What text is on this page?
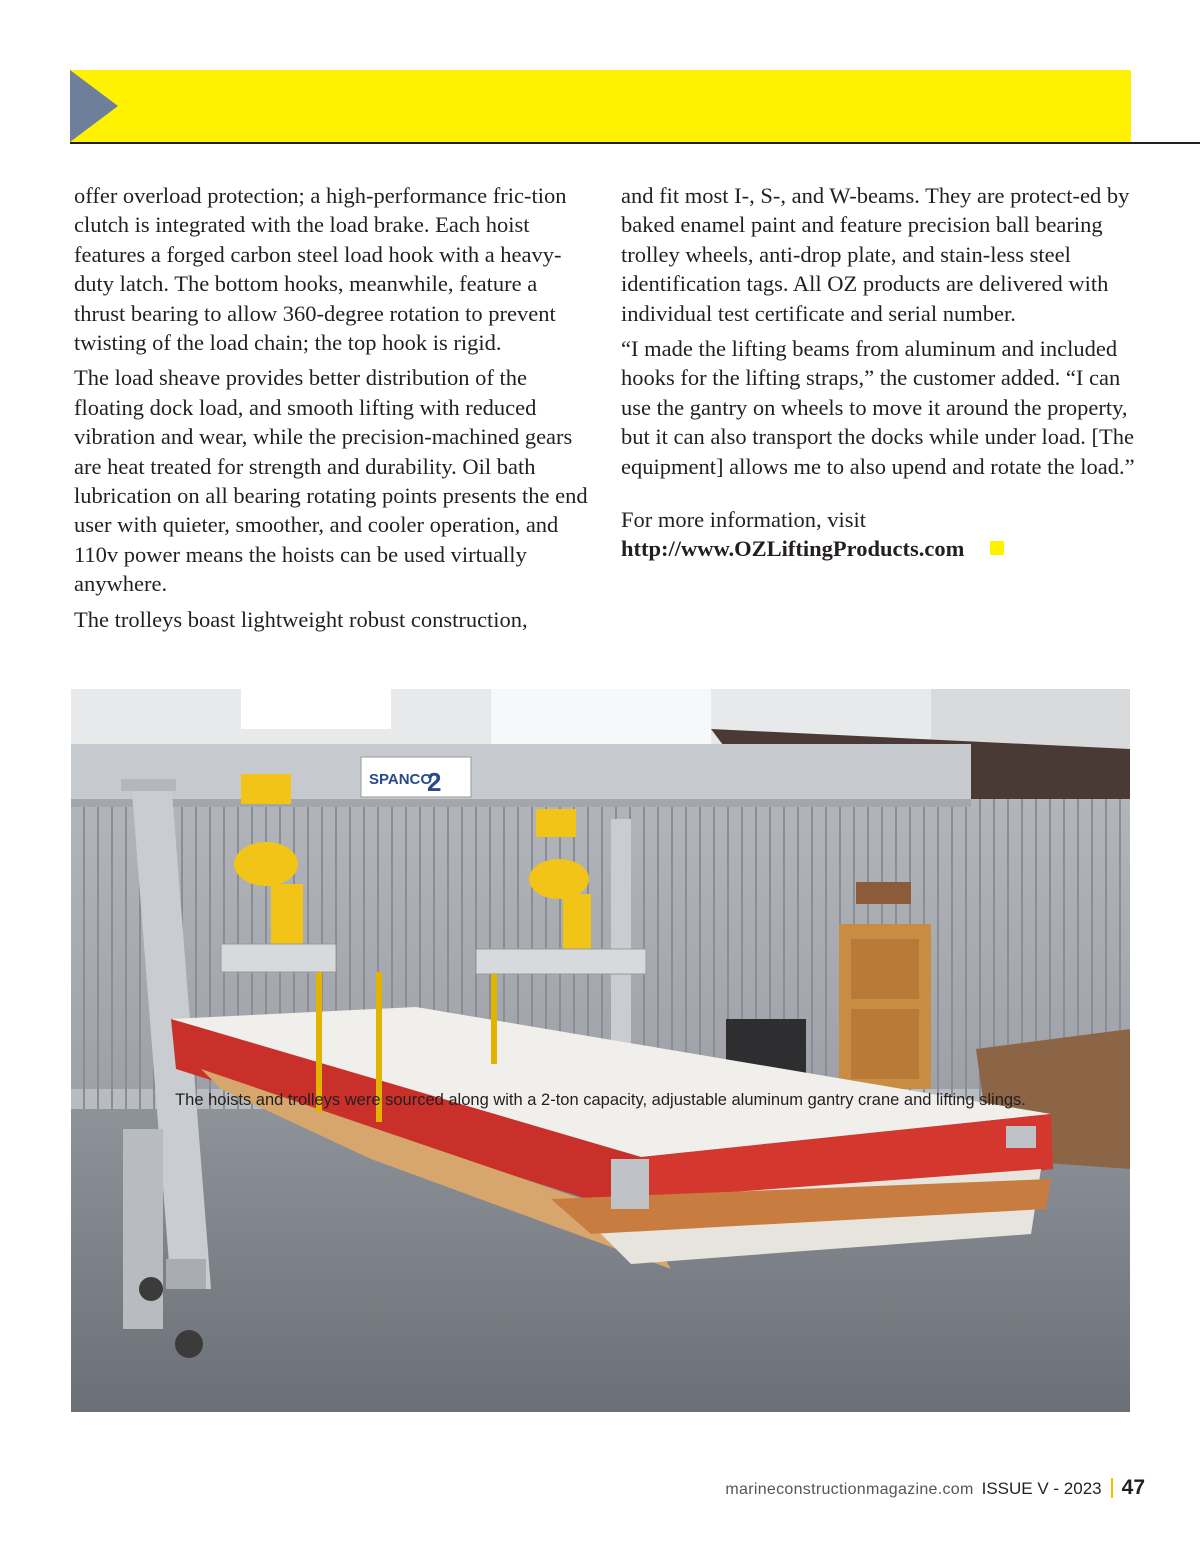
offer overload protection; a high-performance fric-tion clutch is integrated with the load brake. Each hoist features a forged carbon steel load hook with a heavy-duty latch. The bottom hooks, meanwhile, feature a thrust bearing to allow 360-degree rotation to prevent twisting of the load chain; the top hook is rigid.

The load sheave provides better distribution of the floating dock load, and smooth lifting with reduced vibration and wear, while the precision-machined gears are heat treated for strength and durability. Oil bath lubrication on all bearing rotating points presents the end user with quieter, smoother, and cooler operation, and 110v power means the hoists can be used virtually anywhere.

The trolleys boast lightweight robust construction,

and fit most I-, S-, and W-beams. They are protect-ed by baked enamel paint and feature precision ball bearing trolley wheels, anti-drop plate, and stain-less steel identification tags. All OZ products are delivered with individual test certificate and serial number.

“I made the lifting beams from aluminum and included hooks for the lifting straps,” the customer added. “I can use the gantry on wheels to move it around the property, but it can also transport the docks while under load. [The equipment] allows me to also upend and rotate the load.”

For more information, visit

http://www.OZLiftingProducts.com
SPANCO
2
The hoists and trolleys were sourced along with a 2-ton capacity, adjustable aluminum gantry crane and lifting slings.
marineconstructionmagazine.com ISSUE V - 2023 47
